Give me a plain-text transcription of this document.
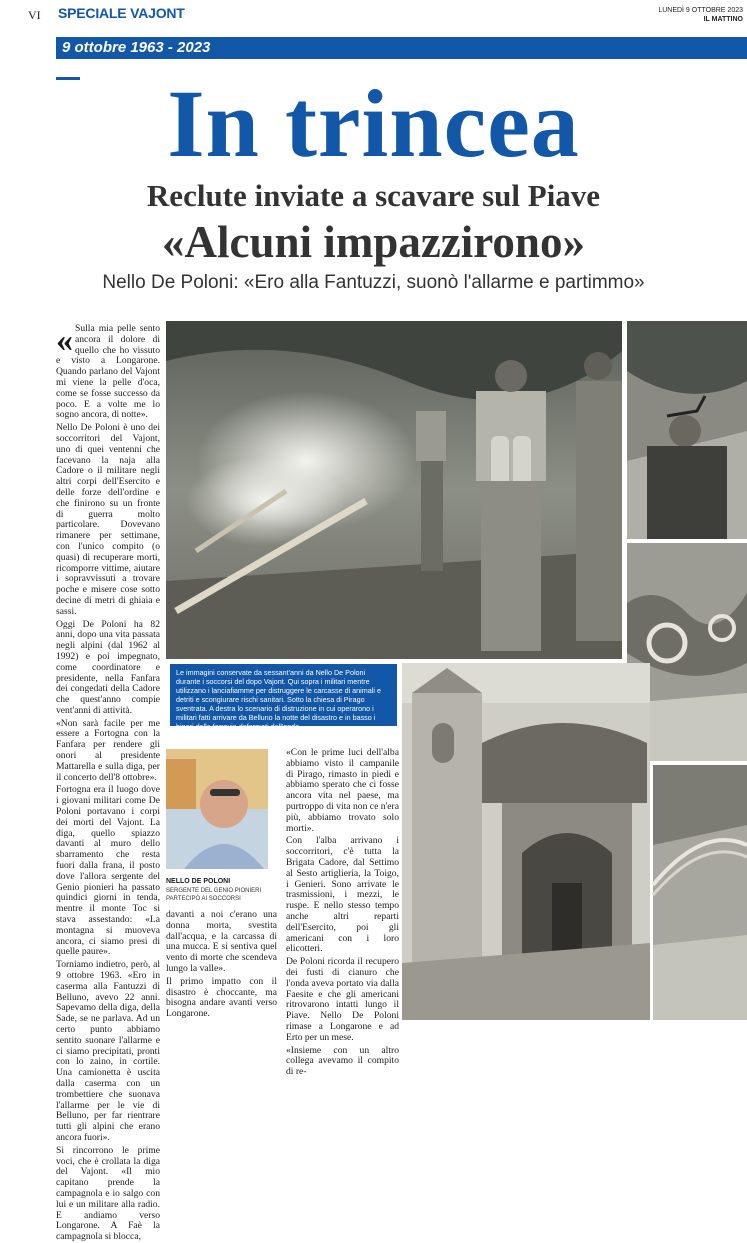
VI SPECIALE VAJONT	LUNEDÌ 9 OTTOBRE 2023
IL MATTINO
9 ottobre 1963 - 2023
In trincea
Reclute inviate a scavare sul Piave
«Alcuni impazzirono»
Nello De Poloni: «Ero alla Fantuzzi, suonò l'allarme e partimmo»
« Sulla mia pelle sento ancora il dolore di quello che ho vissuto e visto a Longarone. Quando parlano del Vajont mi viene la pelle d'oca, come se fosse successo da poco. E a volte me lo sogno ancora, di notte».

Nello De Poloni è uno dei soccorritori del Vajont, uno di quei ventenni che facevano la naja alla Cadore o il militare negli altri corpi dell'Esercito e delle forze dell'ordine e che finirono su un fronte di guerra molto particolare. Dovevano rimanere per settimane, con l'unico compito (o quasi) di recuperare morti, ricomporre vittime, aiutare i sopravvissuti a trovare poche e misere cose sotto decine di metri di ghiaia e sassi.

Oggi De Poloni ha 82 anni, dopo una vita passata negli alpini (dal 1962 al 1992) e poi impegnato, come coordinatore e presidente, nella Fanfara dei congedati della Cadore che quest'anno compie vent'anni di attività.

«Non sarà facile per me essere a Fortogna con la Fanfara per rendere gli onori al presidente Mattarella e sulla diga, per il concerto dell'8 ottobre».

Fortogna era il luogo dove i giovani militari come De Poloni portavano i corpi dei morti del Vajont. La diga, quello spiazzo davanti al muro dello sbarramento che resta fuori dalla frana, il posto dove l'allora sergente del Genio pionieri ha passato quindici giorni in tenda, mentre il monte Toc si stava assestando: «La montagna si muoveva ancora, ci siamo presi di quelle paure».

Torniamo indietro, però, al 9 ottobre 1963. «Ero in caserma alla Fantuzzi di Belluno, avevo 22 anni. Sapevamo della diga, della Sade, se ne parlava. Ad un certo punto abbiamo sentito suonare l'allarme e ci siamo precipitati, pronti con lo zaino, in cortile. Una camionetta è uscita dalla caserma con un trombettiere che suonava l'allarme per le vie di Belluno, per far rientrare tutti gli alpini che erano ancora fuori».

Si rincorrono le prime voci, che è crollata la diga del Vajont. «Il mio capitano prende la campagnola e io salgo con lui e un militare alla radio. E andiamo verso Longarone. A Faè la campagnola si blocca,

Le immagini conservate da sessant'anni da Nello De Poloni durante i soccorsi del dopo Vajont. Qui sopra i militari mentre utilizzano i lanciafiamme per distruggere le carcasse di animali e detriti e scongiurare rischi sanitari. Sotto la chiesa di Pirago sventrata. A destra lo scenario di distruzione in cui operarono i militari fatti arrivare da Belluno la notte del disastro e in basso i binari della ferrovia deformati dall'onda
NELLO DE POLONI
SERGENTE DEL GENIO PIONIERI
PARTECIPÒ AI SOCCORSI

davanti a noi c'erano una donna morta, svestita dall'acqua, e la carcassa di una mucca. E si sentiva quel vento di morte che scendeva lungo la valle».

Il primo impatto con il disastro è choccante, ma bisogna andare avanti verso Longarone.

«Con le prime luci dell'alba abbiamo visto il campanile di Pirago, rimasto in piedi e abbiamo sperato che ci fosse ancora vita nel paese, ma purtroppo di vita non ce n'era più, abbiamo trovato solo morti».

Con l'alba arrivano i soccorritori, c'è tutta la Brigata Cadore, dal Settimo al Sesto artiglieria, la Toigo, i Genieri. Sono arrivate le trasmissioni, i mezzi, le ruspe. E nello stesso tempo anche altri reparti dell'Esercito, poi gli americani con i loro elicotteri.

De Poloni ricorda il recupero dei fusti di cianuro che l'onda aveva portato via dalla Faesite e che gli americani ritrovarono intatti lungo il Piave. Nello De Poloni rimase a Longarone e ad Erto per un mese.

«Insieme con un altro collega avevamo il compito di re-
